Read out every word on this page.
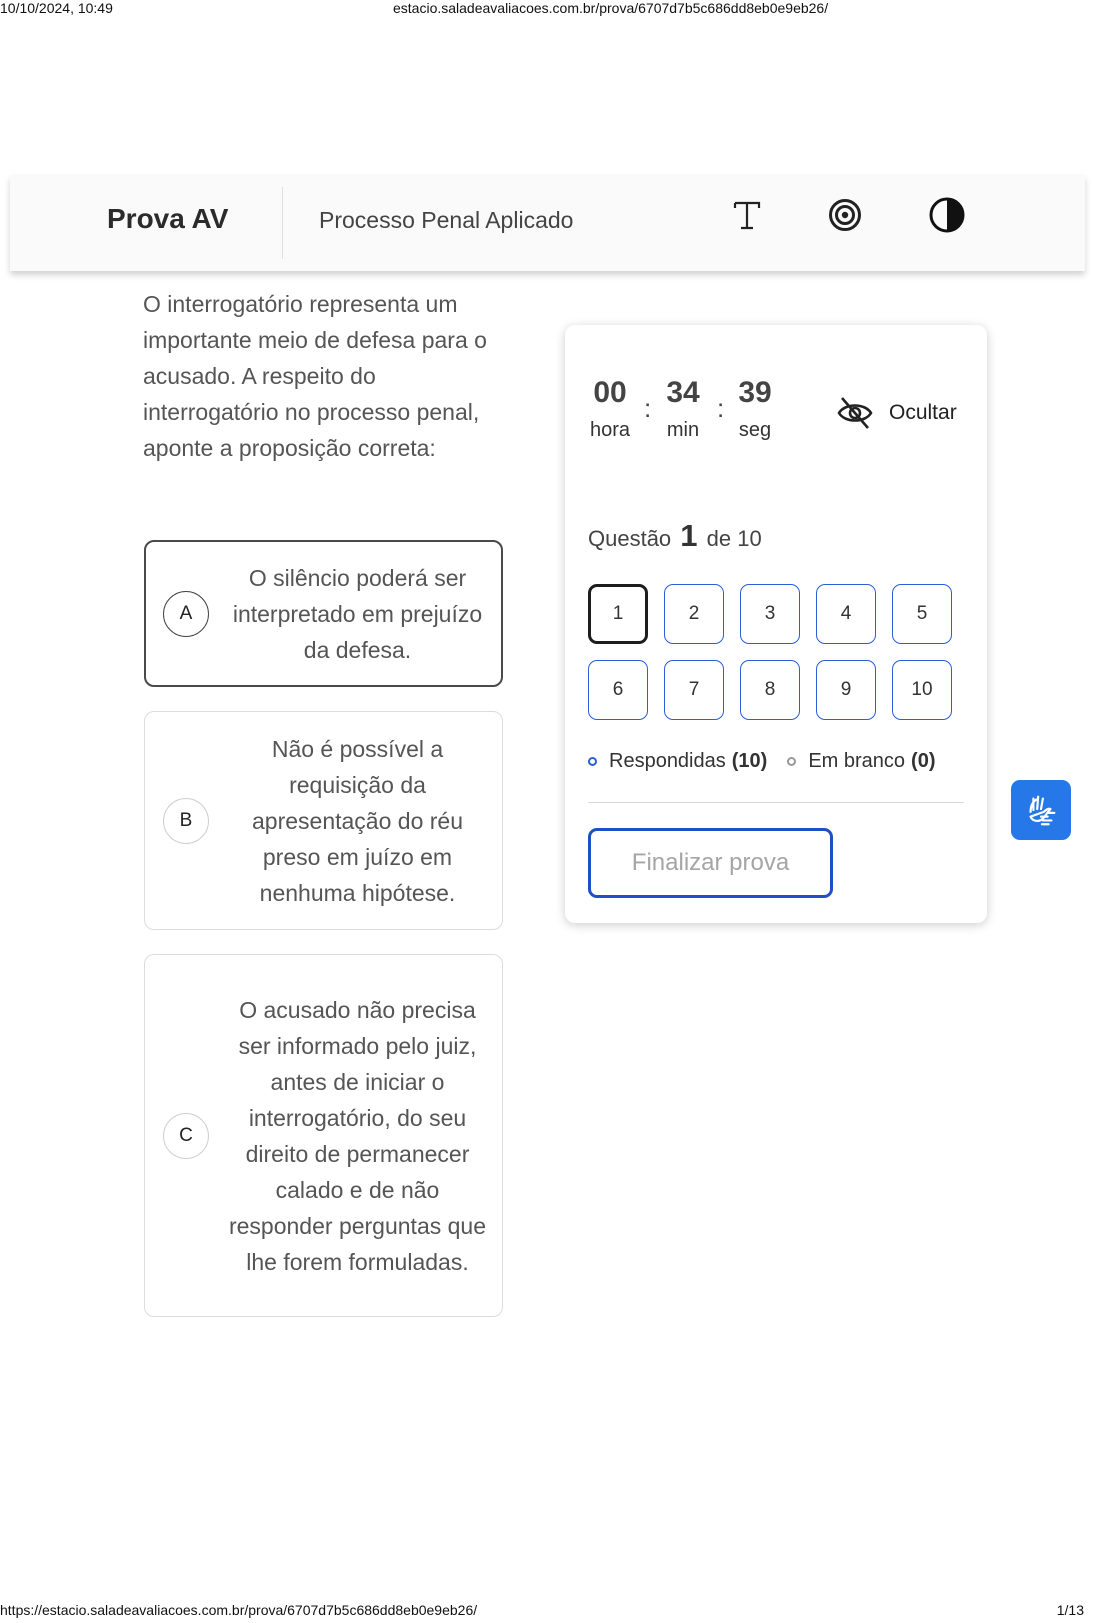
10/10/2024, 10:49	estacio.saladeavaliacoes.com.br/prova/6707d7b5c686dd8eb0e9eb26/
Prova AV	Processo Penal Aplicado
O interrogatório representa um importante meio de defesa para o acusado. A respeito do interrogatório no processo penal, aponte a proposição correta:
A
O silêncio poderá ser interpretado em prejuízo da defesa.
B
Não é possível a requisição da apresentação do réu preso em juízo em nenhuma hipótese.
C
O acusado não precisa ser informado pelo juiz, antes de iniciar o interrogatório, do seu direito de permanecer calado e de não responder perguntas que lhe forem formuladas.
00
hora
: 34
min
: 39
seg
Ocultar
Questão 1 de 10
1	2	3	4	5
6	7	8	9	10
Respondidas (10) Em branco (0)
Finalizar prova
https://estacio.saladeavaliacoes.com.br/prova/6707d7b5c686dd8eb0e9eb26/	1/13
